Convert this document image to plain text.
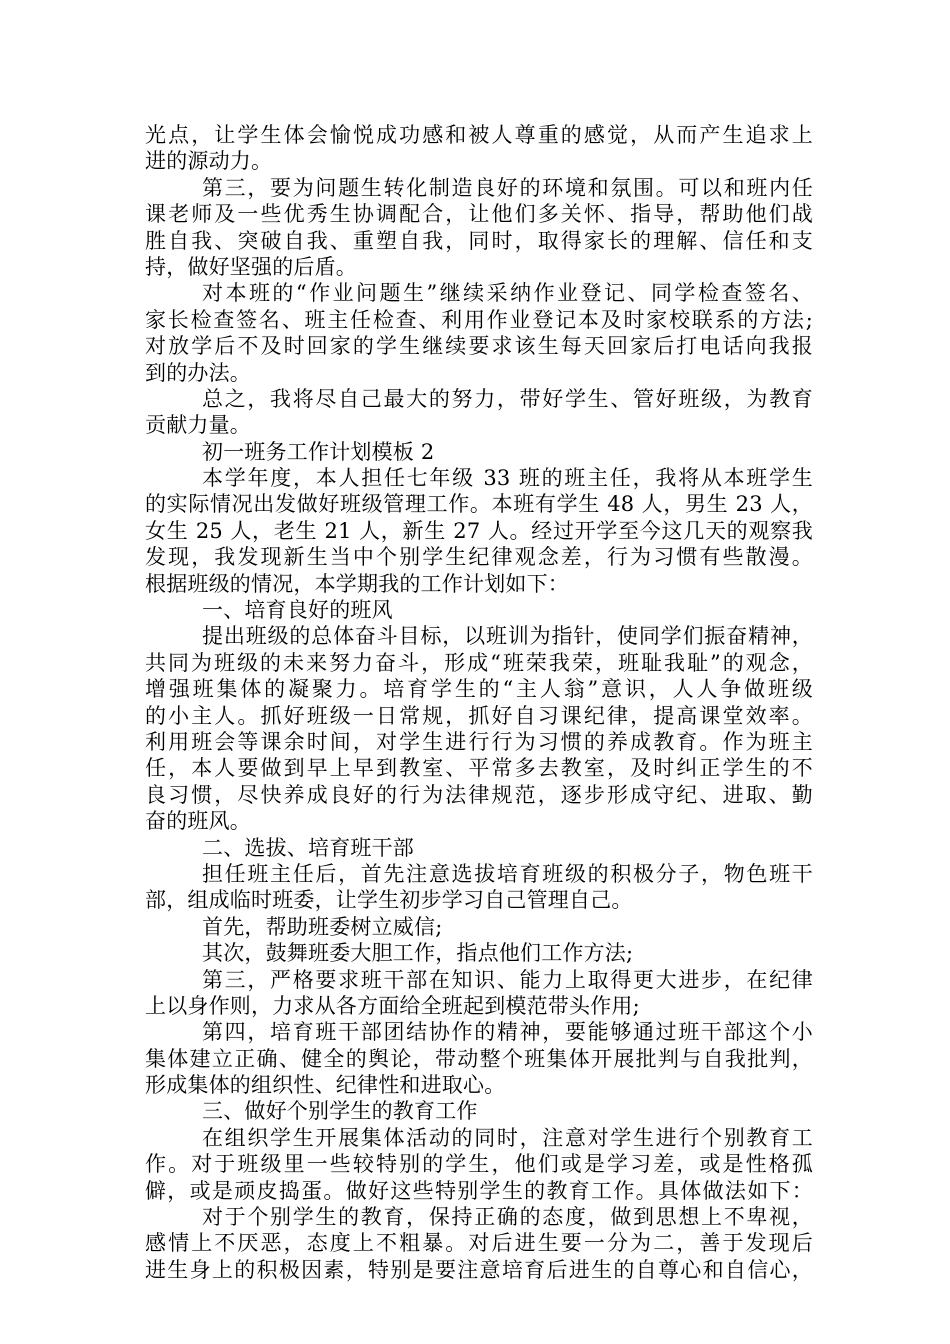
光点，让学生体会愉悦成功感和被人尊重的感觉，从而产生追求上
进的源动力。
第三，要为问题生转化制造良好的环境和氛围。可以和班内任
课老师及一些优秀生协调配合，让他们多关怀、指导，帮助他们战
胜自我、突破自我、重塑自我，同时，取得家长的理解、信任和支
持，做好坚强的后盾。
对本班的“作业问题生”继续采纳作业登记、同学检查签名、
家长检查签名、班主任检查、利用作业登记本及时家校联系的方法;
对放学后不及时回家的学生继续要求该生每天回家后打电话向我报
到的办法。
总之，我将尽自己最大的努力，带好学生、管好班级，为教育
贡献力量。
初一班务工作计划模板 2
本学年度，本人担任七年级 33 班的班主任，我将从本班学生
的实际情况出发做好班级管理工作。本班有学生 48 人，男生 23 人，
女生 25 人，老生 21 人，新生 27 人。经过开学至今这几天的观察我
发现，我发现新生当中个别学生纪律观念差，行为习惯有些散漫。
根据班级的情况，本学期我的工作计划如下：
一、培育良好的班风
提出班级的总体奋斗目标，以班训为指针，使同学们振奋精神，
共同为班级的未来努力奋斗，形成“班荣我荣，班耻我耻”的观念，
增强班集体的凝聚力。培育学生的“主人翁”意识，人人争做班级
的小主人。抓好班级一日常规，抓好自习课纪律，提高课堂效率。
利用班会等课余时间，对学生进行行为习惯的养成教育。作为班主
任，本人要做到早上早到教室、平常多去教室，及时纠正学生的不
良习惯，尽快养成良好的行为法律规范，逐步形成守纪、进取、勤
奋的班风。
二、选拔、培育班干部
担任班主任后，首先注意选拔培育班级的积极分子，物色班干
部，组成临时班委，让学生初步学习自己管理自己。
首先，帮助班委树立威信;
其次，鼓舞班委大胆工作，指点他们工作方法;
第三，严格要求班干部在知识、能力上取得更大进步，在纪律
上以身作则，力求从各方面给全班起到模范带头作用;
第四，培育班干部团结协作的精神，要能够通过班干部这个小
集体建立正确、健全的舆论，带动整个班集体开展批判与自我批判，
形成集体的组织性、纪律性和进取心。
三、做好个别学生的教育工作
在组织学生开展集体活动的同时，注意对学生进行个别教育工
作。对于班级里一些较特别的学生，他们或是学习差，或是性格孤
僻，或是顽皮捣蛋。做好这些特别学生的教育工作。具体做法如下：
对于个别学生的教育，保持正确的态度，做到思想上不卑视，
感情上不厌恶，态度上不粗暴。对后进生要一分为二，善于发现后
进生身上的积极因素，特别是要注意培育后进生的自尊心和自信心，
